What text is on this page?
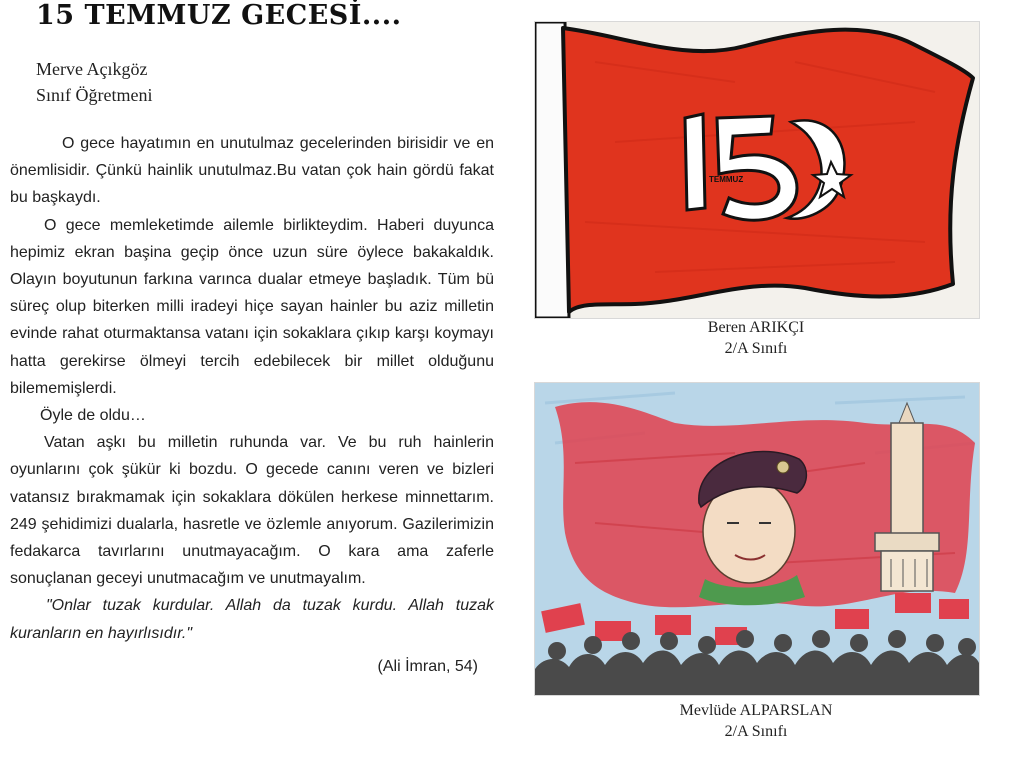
15 TEMMUZ GECESİ....
Merve Açıkgöz
Sınıf Öğretmeni

O gece hayatımın en unutulmaz gecelerinden birisidir ve en önemlisidir. Çünkü hainlik unutulmaz.Bu vatan çok hain gördü fakat bu başkaydı.

O gece memleketimde ailemle birlikteydim. Haberi duyunca hepimiz ekran başina geçip önce uzun süre öylece bakakaldık. Olayın boyutunun farkına varınca dualar etmeye başladık. Tüm bü süreç olup biterken milli iradeyi hiçe sayan hainler bu aziz milletin evinde rahat oturmaktansa vatanı için sokaklara çıkıp karşı koymayı hatta gerekirse ölmeyi tercih edebilecek bir millet olduğunu bilememişlerdi.

Öyle de oldu…

Vatan aşkı bu milletin ruhunda var. Ve bu ruh hainlerin oyunlarını çok şükür ki bozdu. O gecede canını veren ve bizleri vatansız bırakmamak için sokaklara dökülen herkese minnettarım. 249 şehidimizi dualarla, hasretle ve özlemle anıyorum. Gazilerimizin fedakarca tavırlarını unutmayacağım. O kara ama zaferle sonuçlanan geceyi unutmacağım ve unutmayalım.

"Onlar tuzak kurdular. Allah da tuzak kurdu. Allah tuzak kuranların en hayırlısıdır."

(Ali İmran, 54)

TEMMUZ
Beren ARIKÇI
2/A Sınıfı
Mevlüde ALPARSLAN
2/A Sınıfı
